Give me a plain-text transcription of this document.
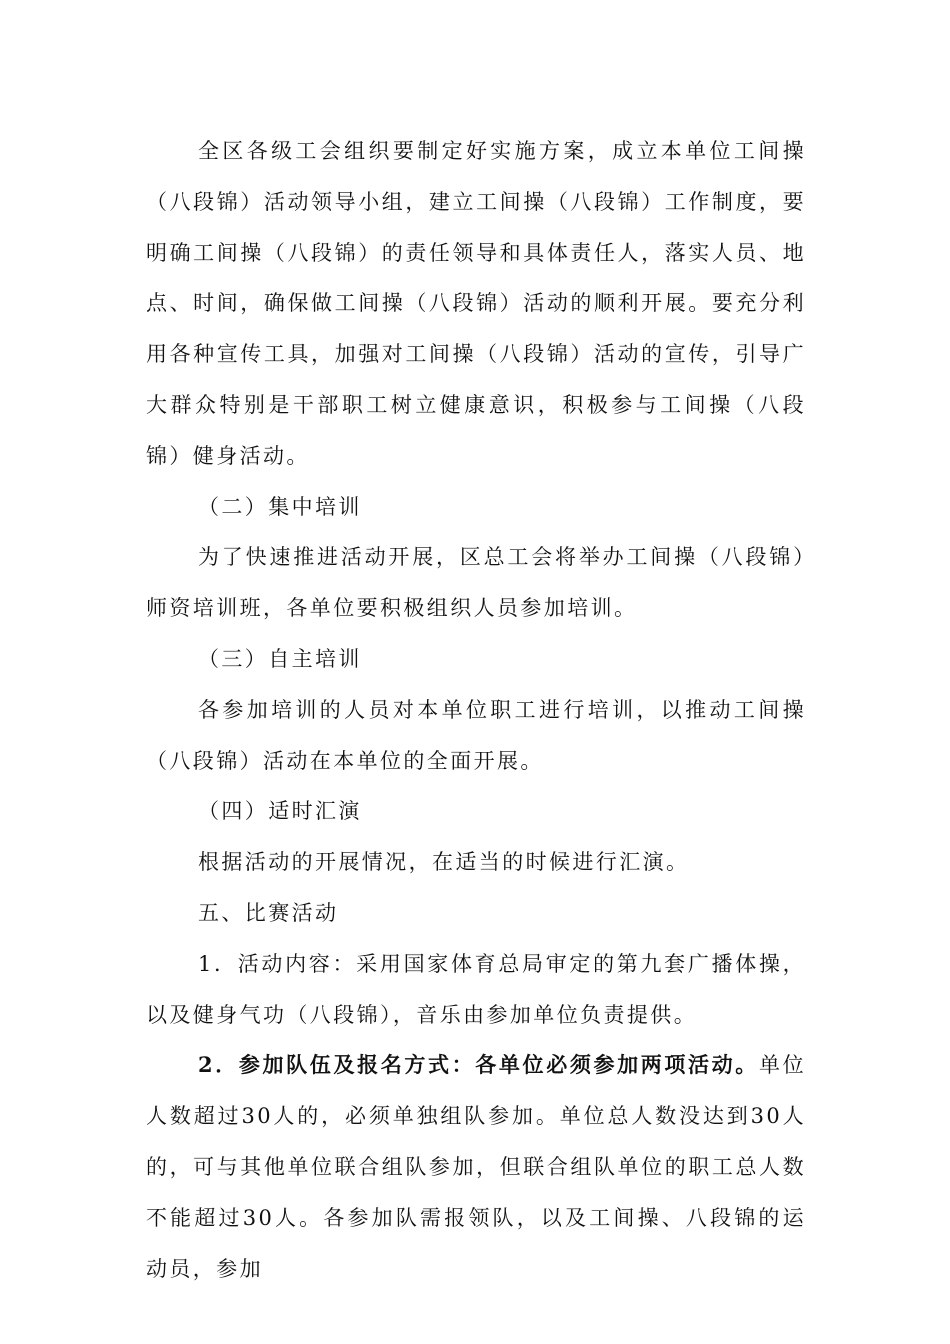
全区各级工会组织要制定好实施方案，成立本单位工间操（八段锦）活动领导小组，建立工间操（八段锦）工作制度，要明确工间操（八段锦）的责任领导和具体责任人，落实人员、地点、时间，确保做工间操（八段锦）活动的顺利开展。要充分利用各种宣传工具，加强对工间操（八段锦）活动的宣传，引导广大群众特别是干部职工树立健康意识，积极参与工间操（八段锦）健身活动。

（二）集中培训

为了快速推进活动开展，区总工会将举办工间操（八段锦）师资培训班，各单位要积极组织人员参加培训。

（三）自主培训

各参加培训的人员对本单位职工进行培训，以推动工间操（八段锦）活动在本单位的全面开展。

（四）适时汇演

根据活动的开展情况，在适当的时候进行汇演。

五、比赛活动

1．活动内容：采用国家体育总局审定的第九套广播体操，以及健身气功（八段锦），音乐由参加单位负责提供。

2．参加队伍及报名方式：各单位必须参加两项活动。单位人数超过30人的，必须单独组队参加。单位总人数没达到30人的，可与其他单位联合组队参加，但联合组队单位的职工总人数不能超过30人。各参加队需报领队，以及工间操、八段锦的运动员，参加
